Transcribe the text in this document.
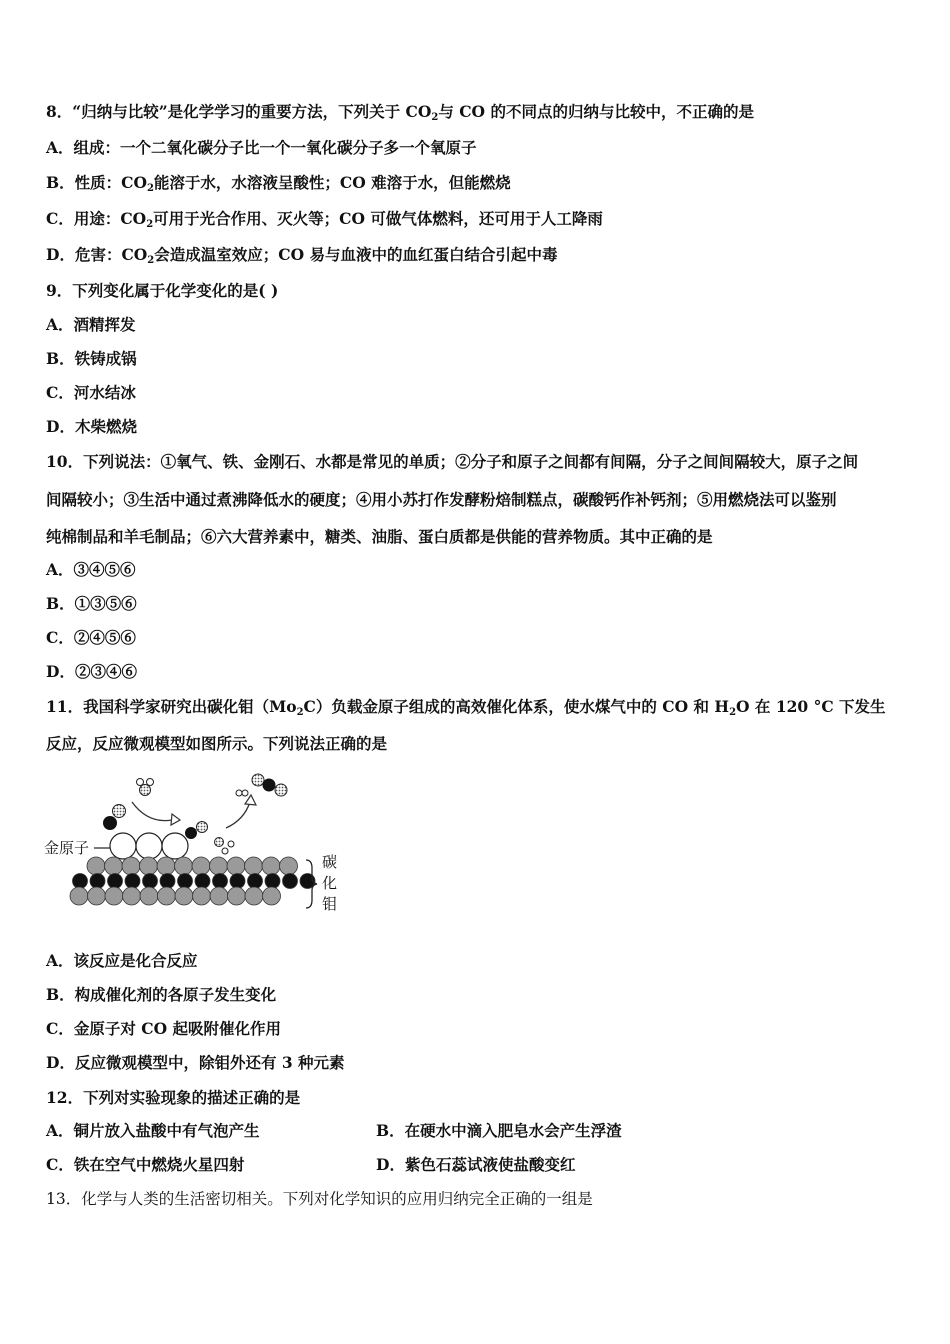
8．“归纳与比较”是化学学习的重要方法，下列关于 $CO_2$与 CO 的不同点的归纳与比较中，不正确的是
A．组成：一个二氧化碳分子比一个一氧化碳分子多一个氧原子
B．性质：$CO_2$能溶于水，水溶液呈酸性；CO 难溶于水，但能燃烧
C．用途：$CO_2$可用于光合作用、灭火等；CO 可做气体燃料，还可用于人工降雨
D．危害：$CO_2$会造成温室效应；CO 易与血液中的血红蛋白结合引起中毒
9．下列变化属于化学变化的是( )
A．酒精挥发
B．铁铸成锅
C．河水结冰
D．木柴燃烧
10．下列说法：①氧气、铁、金刚石、水都是常见的单质；②分子和原子之间都有间隔，分子之间间隔较大，原子之间
间隔较小；③生活中通过煮沸降低水的硬度；④用小苏打作发酵粉焙制糕点，碳酸钙作补钙剂；⑤用燃烧法可以鉴别
纯棉制品和羊毛制品；⑥六大营养素中，糖类、油脂、蛋白质都是供能的营养物质。其中正确的是
A．③④⑤⑥
B．①③⑤⑥
C．②④⑤⑥
D．②③④⑥
11．我国科学家研究出碳化钼$(Mo_2C)$负载金原子组成的高效催化体系，使水煤气中的 CO 和 $H_2O$ 在 120 °C 下发生
反应，反应微观模型如图所示。下列说法正确的是
金原子
碳
化
钼
A．该反应是化合反应
B．构成催化剂的各原子发生变化
C．金原子对 CO 起吸附催化作用
D．反应微观模型中，除钼外还有 3 种元素
12．下列对实验现象的描述正确的是
A．铜片放入盐酸中有气泡产生	B．在硬水中滴入肥皂水会产生浮渣
C．铁在空气中燃烧火星四射	D．紫色石蕊试液使盐酸变红
13．化学与人类的生活密切相关。下列对化学知识的应用归纳完全正确的一组是
